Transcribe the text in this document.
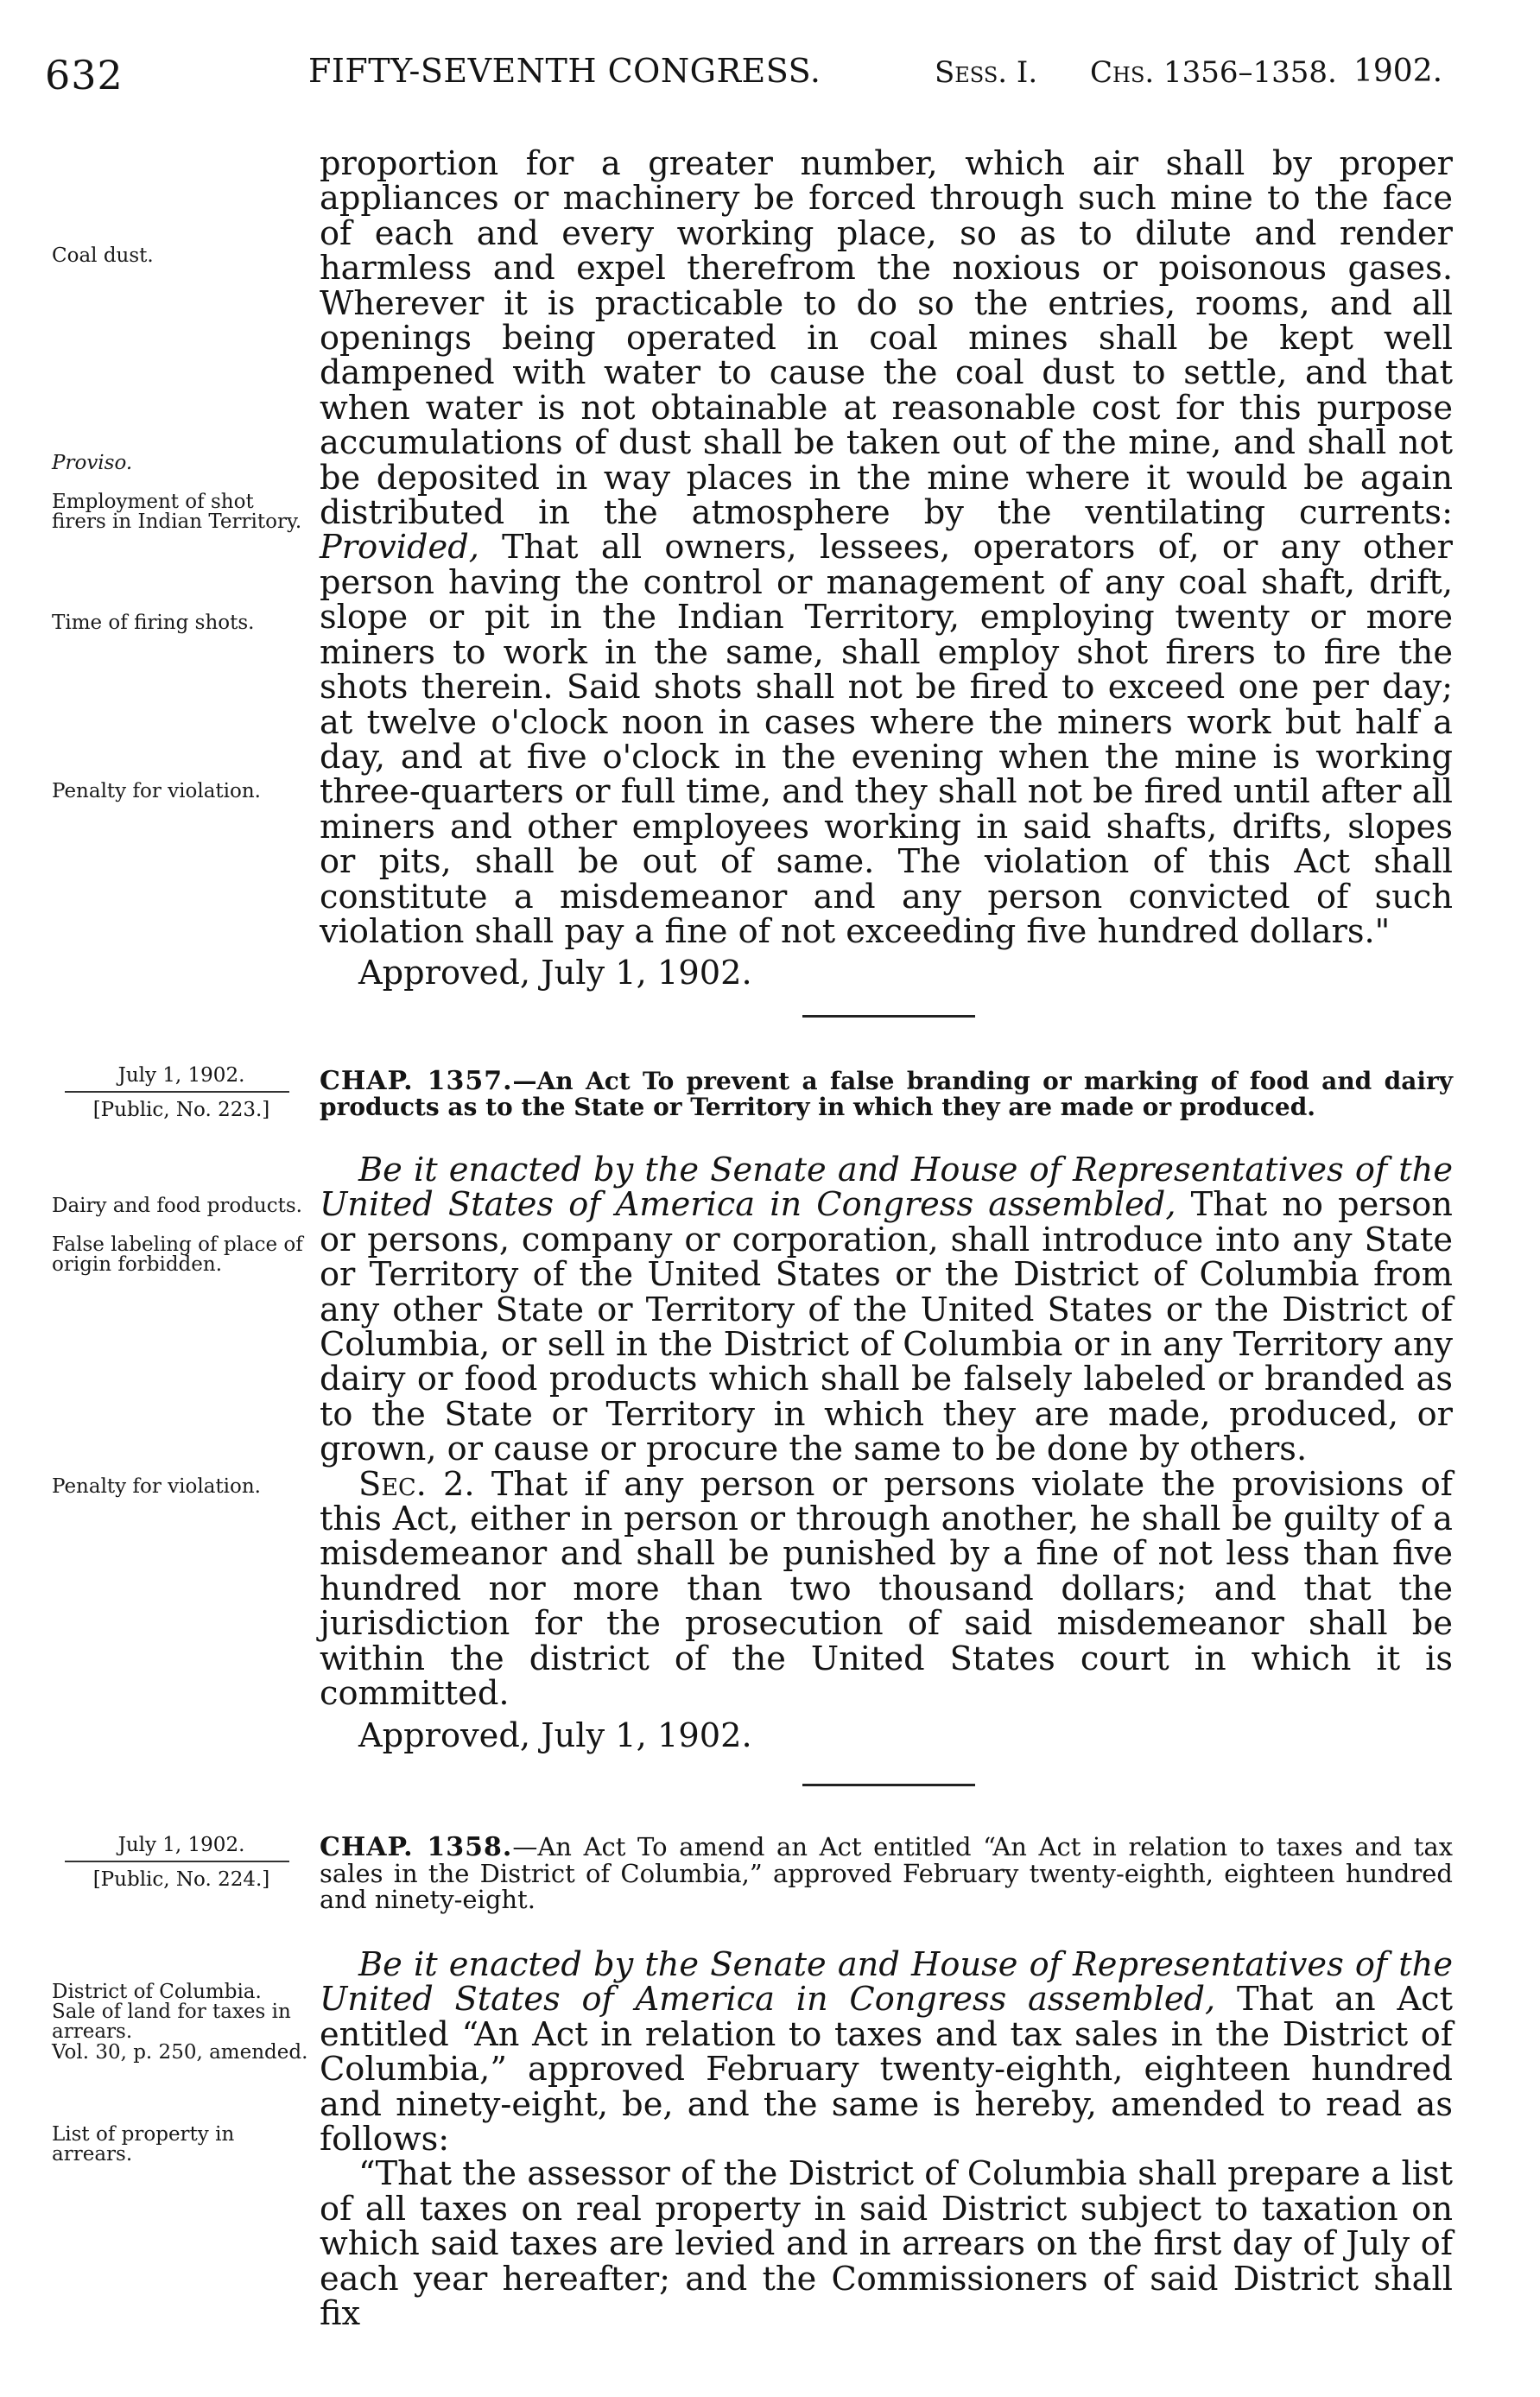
632	FIFTY-SEVENTH CONGRESS.	Sess. I. Chs. 1356–1358. 1902.

proportion for a greater number, which air shall by proper appliances or machinery be forced through such mine to the face of each and every working place, so as to dilute and render harmless and expel therefrom the noxious or poisonous gases. Wherever it is practicable to do so the entries, rooms, and all openings being operated in coal mines shall be kept well dampened with water to cause the coal dust to settle, and that when water is not obtainable at reasonable cost for this purpose accumulations of dust shall be taken out of the mine, and shall not be deposited in way places in the mine where it would be again distributed in the atmosphere by the ventilating currents: Provided, That all owners, lessees, operators of, or any other person having the control or management of any coal shaft, drift, slope or pit in the Indian Territory, employing twenty or more miners to work in the same, shall employ shot firers to fire the shots therein. Said shots shall not be fired to exceed one per day; at twelve o'clock noon in cases where the miners work but half a day, and at five o'clock in the evening when the mine is working three-quarters or full time, and they shall not be fired until after all miners and other employees working in said shafts, drifts, slopes or pits, shall be out of same. The violation of this Act shall constitute a misdemeanor and any person convicted of such violation shall pay a fine of not exceeding five hundred dollars."

Approved, July 1, 1902.

Coal dust.
Proviso.
Employment of shot firers in Indian Territory.
Time of firing shots.
Penalty for violation.
July 1, 1902.
[Public, No. 223.]
CHAP. 1357.—An Act To prevent a false branding or marking of food and dairy products as to the State or Territory in which they are made or produced.

Be it enacted by the Senate and House of Representatives of the United States of America in Congress assembled, That no person or persons, company or corporation, shall introduce into any State or Territory of the United States or the District of Columbia from any other State or Territory of the United States or the District of Columbia, or sell in the District of Columbia or in any Territory any dairy or food products which shall be falsely labeled or branded as to the State or Territory in which they are made, produced, or grown, or cause or procure the same to be done by others.

Sec. 2. That if any person or persons violate the provisions of this Act, either in person or through another, he shall be guilty of a misdemeanor and shall be punished by a fine of not less than five hundred nor more than two thousand dollars; and that the jurisdiction for the prosecution of said misdemeanor shall be within the district of the United States court in which it is committed.

Approved, July 1, 1902.

Dairy and food products.
False labeling of place of origin forbidden.
Penalty for violation.
July 1, 1902.
[Public, No. 224.]
CHAP. 1358.—An Act To amend an Act entitled “An Act in relation to taxes and tax sales in the District of Columbia,” approved February twenty-eighth, eighteen hundred and ninety-eight.

Be it enacted by the Senate and House of Representatives of the United States of America in Congress assembled, That an Act entitled “An Act in relation to taxes and tax sales in the District of Columbia,” approved February twenty-eighth, eighteen hundred and ninety-eight, be, and the same is hereby, amended to read as follows:

“That the assessor of the District of Columbia shall prepare a list of all taxes on real property in said District subject to taxation on which said taxes are levied and in arrears on the first day of July of each year hereafter; and the Commissioners of said District shall fix

District of Columbia. Sale of land for taxes in arrears.
Vol. 30, p. 250, amended.
List of property in arrears.
